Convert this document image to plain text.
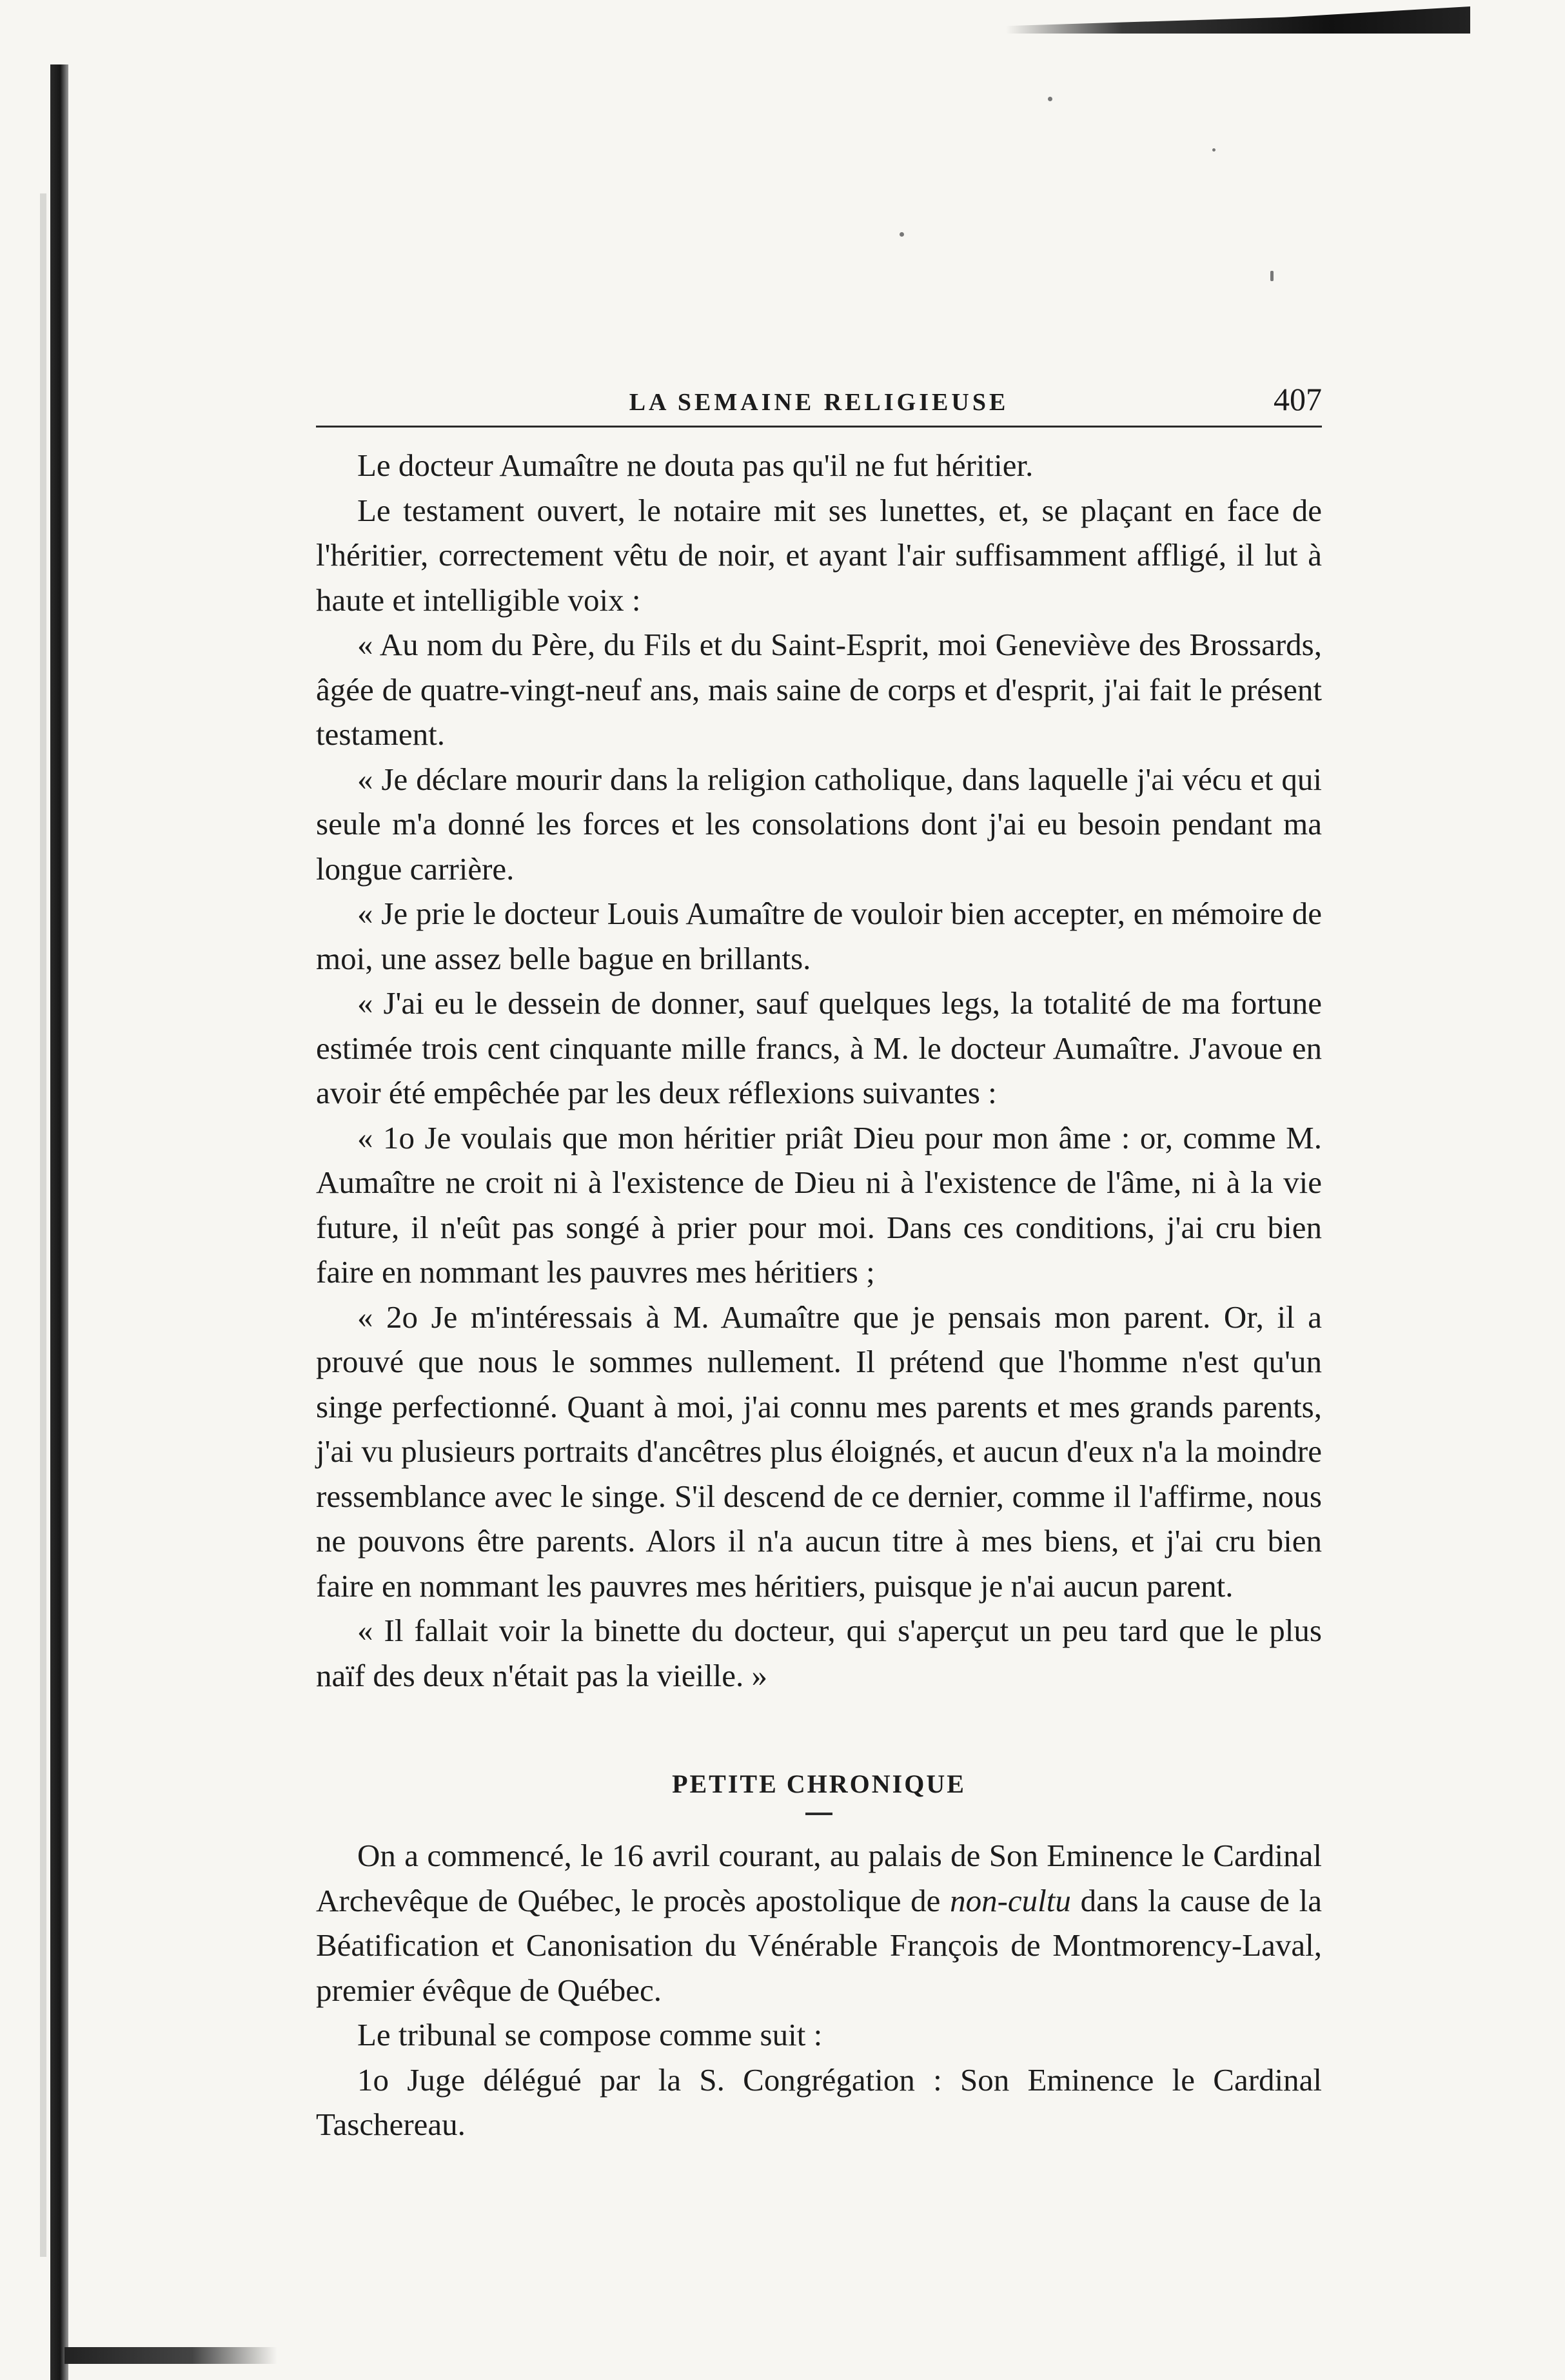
LA SEMAINE RELIGIEUSE	407

Le docteur Aumaître ne douta pas qu'il ne fut héritier.

Le testament ouvert, le notaire mit ses lunettes, et, se plaçant en face de l'héritier, correctement vêtu de noir, et ayant l'air suffisamment affligé, il lut à haute et intelligible voix :

« Au nom du Père, du Fils et du Saint-Esprit, moi Geneviève des Brossards, âgée de quatre-vingt-neuf ans, mais saine de corps et d'esprit, j'ai fait le présent testament.

« Je déclare mourir dans la religion catholique, dans laquelle j'ai vécu et qui seule m'a donné les forces et les consolations dont j'ai eu besoin pendant ma longue carrière.

« Je prie le docteur Louis Aumaître de vouloir bien accepter, en mémoire de moi, une assez belle bague en brillants.

« J'ai eu le dessein de donner, sauf quelques legs, la totalité de ma fortune estimée trois cent cinquante mille francs, à M. le docteur Aumaître. J'avoue en avoir été empêchée par les deux réflexions suivantes :

« 1o Je voulais que mon héritier priât Dieu pour mon âme : or, comme M. Aumaître ne croit ni à l'existence de Dieu ni à l'existence de l'âme, ni à la vie future, il n'eût pas songé à prier pour moi. Dans ces conditions, j'ai cru bien faire en nommant les pauvres mes héritiers ;

« 2o Je m'intéressais à M. Aumaître que je pensais mon parent. Or, il a prouvé que nous le sommes nullement. Il prétend que l'homme n'est qu'un singe perfectionné. Quant à moi, j'ai connu mes parents et mes grands parents, j'ai vu plusieurs portraits d'ancêtres plus éloignés, et aucun d'eux n'a la moindre ressemblance avec le singe. S'il descend de ce dernier, comme il l'affirme, nous ne pouvons être parents. Alors il n'a aucun titre à mes biens, et j'ai cru bien faire en nommant les pauvres mes héritiers, puisque je n'ai aucun parent.

« Il fallait voir la binette du docteur, qui s'aperçut un peu tard que le plus naïf des deux n'était pas la vieille. »

PETITE CHRONIQUE

On a commencé, le 16 avril courant, au palais de Son Eminence le Cardinal Archevêque de Québec, le procès apostolique de non-cultu dans la cause de la Béatification et Canonisation du Vénérable François de Montmorency-Laval, premier évêque de Québec.

Le tribunal se compose comme suit :

1o Juge délégué par la S. Congrégation : Son Eminence le Cardinal Taschereau.
